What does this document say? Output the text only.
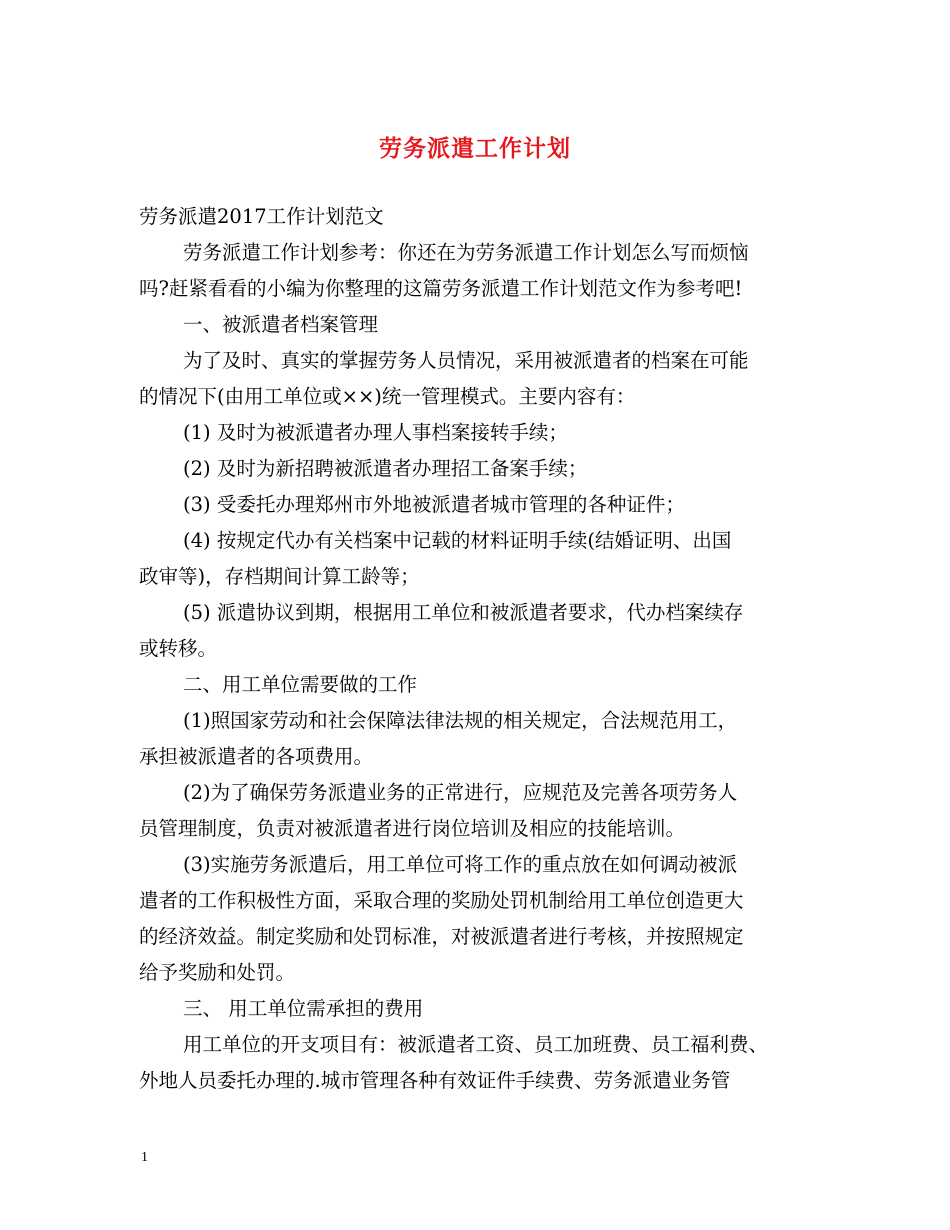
劳务派遣工作计划
劳务派遣2017工作计划范文
劳务派遣工作计划参考：你还在为劳务派遣工作计划怎么写而烦恼
吗?赶紧看看的小编为你整理的这篇劳务派遣工作计划范文作为参考吧!
一、被派遣者档案管理
为了及时、真实的掌握劳务人员情况，采用被派遣者的档案在可能
的情况下(由用工单位或××)统一管理模式。主要内容有：
(1) 及时为被派遣者办理人事档案接转手续；
(2) 及时为新招聘被派遣者办理招工备案手续；
(3) 受委托办理郑州市外地被派遣者城市管理的各种证件；
(4) 按规定代办有关档案中记载的材料证明手续(结婚证明、出国
政审等)，存档期间计算工龄等；
(5) 派遣协议到期，根据用工单位和被派遣者要求，代办档案续存
或转移。
二、用工单位需要做的工作
(1)照国家劳动和社会保障法律法规的相关规定，合法规范用工，
承担被派遣者的各项费用。
(2)为了确保劳务派遣业务的正常进行，应规范及完善各项劳务人
员管理制度，负责对被派遣者进行岗位培训及相应的技能培训。
(3)实施劳务派遣后，用工单位可将工作的重点放在如何调动被派
遣者的工作积极性方面，采取合理的奖励处罚机制给用工单位创造更大
的经济效益。制定奖励和处罚标准，对被派遣者进行考核，并按照规定
给予奖励和处罚。
三、 用工单位需承担的费用
用工单位的开支项目有：被派遣者工资、员工加班费、员工福利费、
外地人员委托办理的.城市管理各种有效证件手续费、劳务派遣业务管
1
